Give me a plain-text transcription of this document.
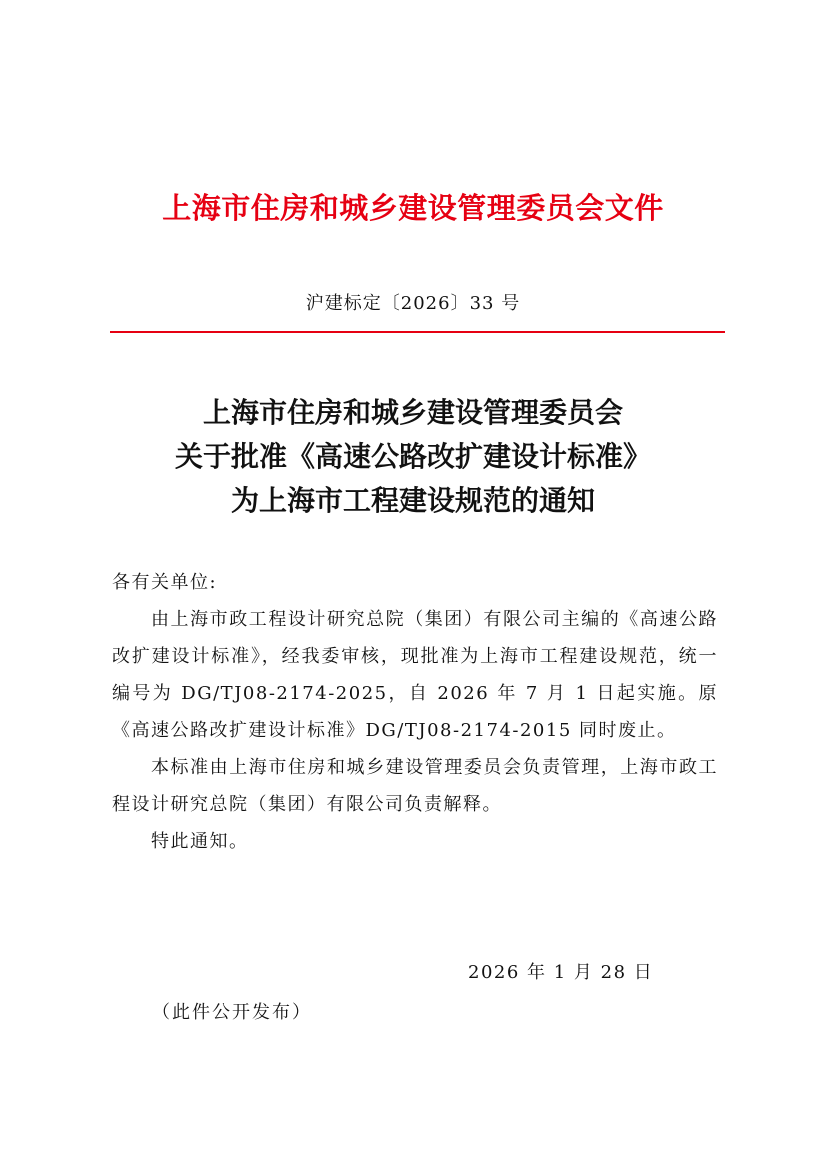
上海市住房和城乡建设管理委员会文件
沪建标定〔2026〕33 号
上海市住房和城乡建设管理委员会
关于批准《高速公路改扩建设计标准》
为上海市工程建设规范的通知

各有关单位:

由上海市政工程设计研究总院（集团）有限公司主编的《高速公路改扩建设计标准》，经我委审核，现批准为上海市工程建设规范，统一编号为 DG/TJ08-2174-2025，自 2026 年 7 月 1 日起实施。原《高速公路改扩建设计标准》DG/TJ08-2174-2015 同时废止。

本标准由上海市住房和城乡建设管理委员会负责管理，上海市政工程设计研究总院（集团）有限公司负责解释。

特此通知。

2026 年 1 月 28 日
（此件公开发布）
